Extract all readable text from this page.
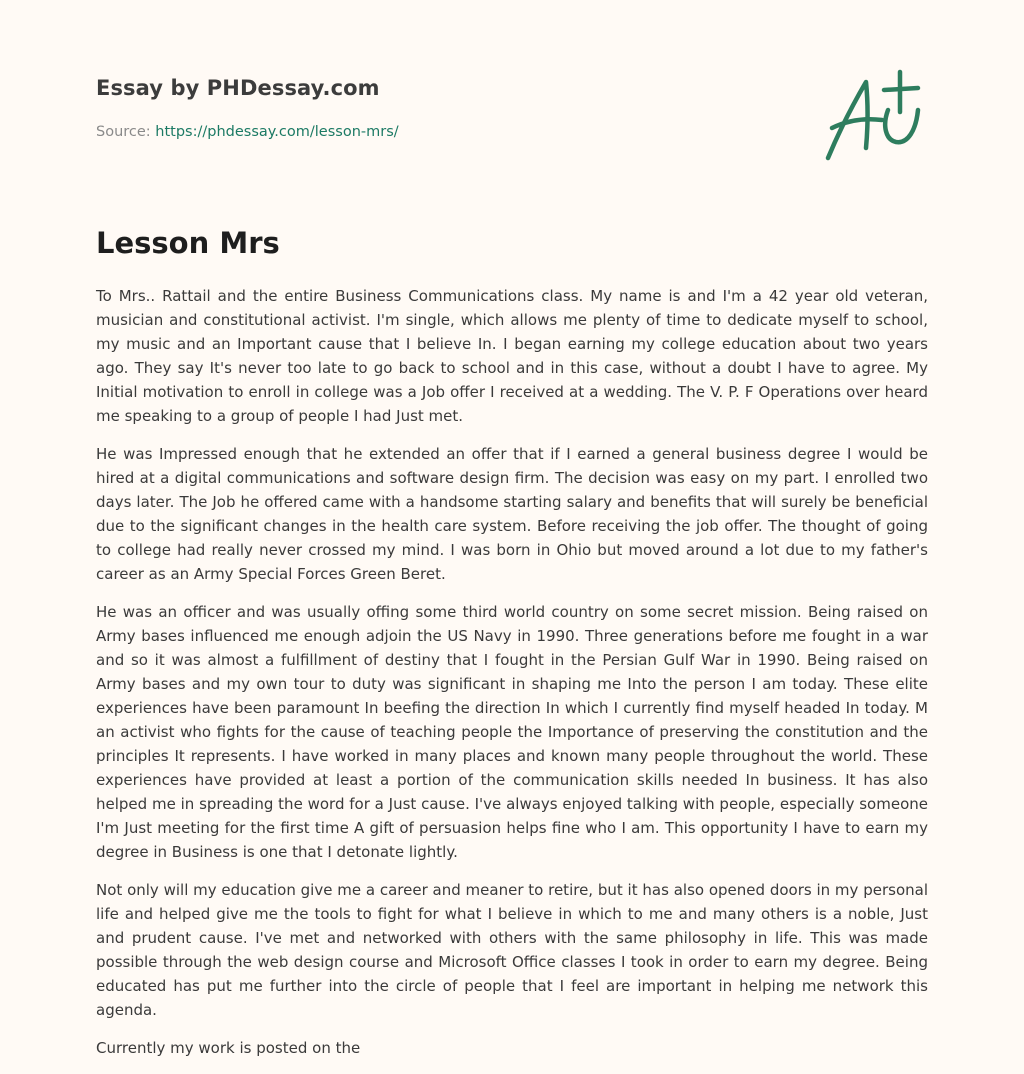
Essay by PHDessay.com
Source: https://phdessay.com/lesson-mrs/
Lesson Mrs

To Mrs.. Rattail and the entire Business Communications class. My name is and I'm a 42 year old veteran, musician and constitutional activist. I'm single, which allows me plenty of time to dedicate myself to school, my music and an Important cause that I believe In. I began earning my college education about two years ago. They say It's never too late to go back to school and in this case, without a doubt I have to agree. My Initial motivation to enroll in college was a Job offer I received at a wedding. The V. P. F Operations over heard me speaking to a group of people I had Just met.

He was Impressed enough that he extended an offer that if I earned a general business degree I would be hired at a digital communications and software design firm. The decision was easy on my part. I enrolled two days later. The Job he offered came with a handsome starting salary and benefits that will surely be beneficial due to the significant changes in the health care system. Before receiving the job offer. The thought of going to college had really never crossed my mind. I was born in Ohio but moved around a lot due to my father's career as an Army Special Forces Green Beret.

He was an officer and was usually offing some third world country on some secret mission. Being raised on Army bases influenced me enough adjoin the US Navy in 1990. Three generations before me fought in a war and so it was almost a fulfillment of destiny that I fought in the Persian Gulf War in 1990. Being raised on Army bases and my own tour to duty was significant in shaping me Into the person I am today. These elite experiences have been paramount In beefing the direction In which I currently find myself headed In today. M an activist who fights for the cause of teaching people the Importance of preserving the constitution and the principles It represents. I have worked in many places and known many people throughout the world. These experiences have provided at least a portion of the communication skills needed In business. It has also helped me in spreading the word for a Just cause. I've always enjoyed talking with people, especially someone I'm Just meeting for the first time A gift of persuasion helps fine who I am. This opportunity I have to earn my degree in Business is one that I detonate lightly.

Not only will my education give me a career and meaner to retire, but it has also opened doors in my personal life and helped give me the tools to fight for what I believe in which to me and many others is a noble, Just and prudent cause. I've met and networked with others with the same philosophy in life. This was made possible through the web design course and Microsoft Office classes I took in order to earn my degree. Being educated has put me further into the circle of people that I feel are important in helping me network this agenda.

Currently my work is posted on the
